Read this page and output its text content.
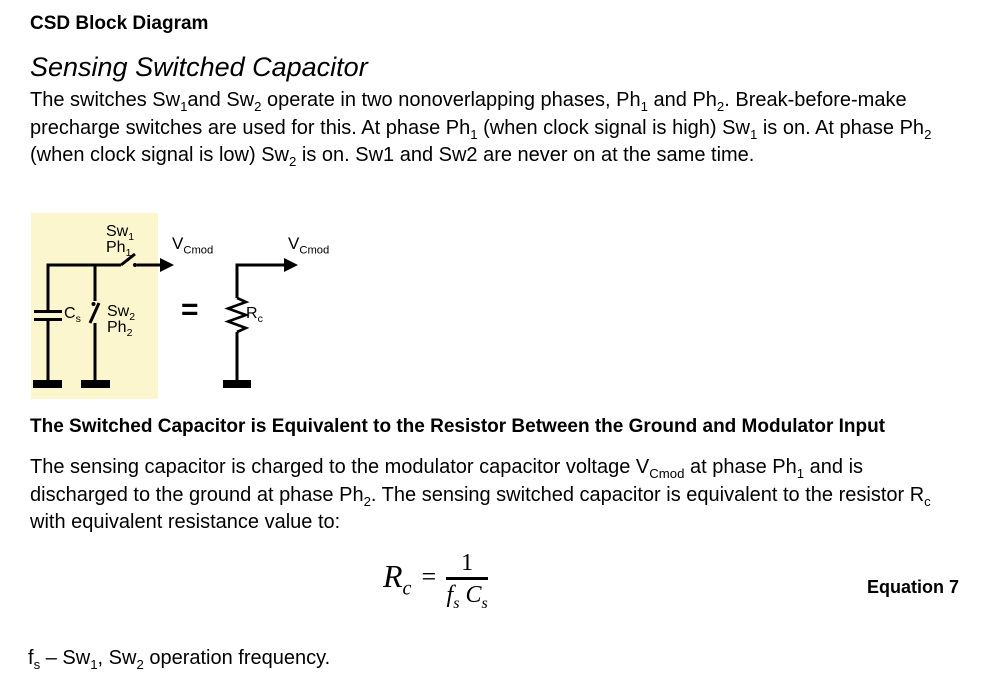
CSD Block Diagram
Sensing Switched Capacitor
The switches $Sw_1and$ $Sw_2$ operate in two nonoverlapping phases, $Ph_1$ and $Ph_2$. Break-before-make
precharge switches are used for this. At phase $Ph_1$ (when clock signal is high) $Sw_1$ is on. At phase $Ph_2$
(when clock signal is low) $Sw_2$ is on. Sw1 and Sw2 are never on at the same time.
$Sw_1$
$Ph_1$
$C_s$ $Sw_2$
$Ph_2$
$V_{Cmod}$	$V_{Cmod}$
=	$R_c$
The Switched Capacitor is Equivalent to the Resistor Between the Ground and Modulator Input
The sensing capacitor is charged to the modulator capacitor voltage $V_{Cmod}$ at phase $Ph_1$ and is
discharged to the ground at phase $Ph_2$. The sensing switched capacitor is equivalent to the resistor $R_c$
with equivalent resistance value to:
$R_c = \frac{1}{f_s C_s}$	Equation 7
$f_s - Sw_1$, $Sw_2$ operation frequency.
